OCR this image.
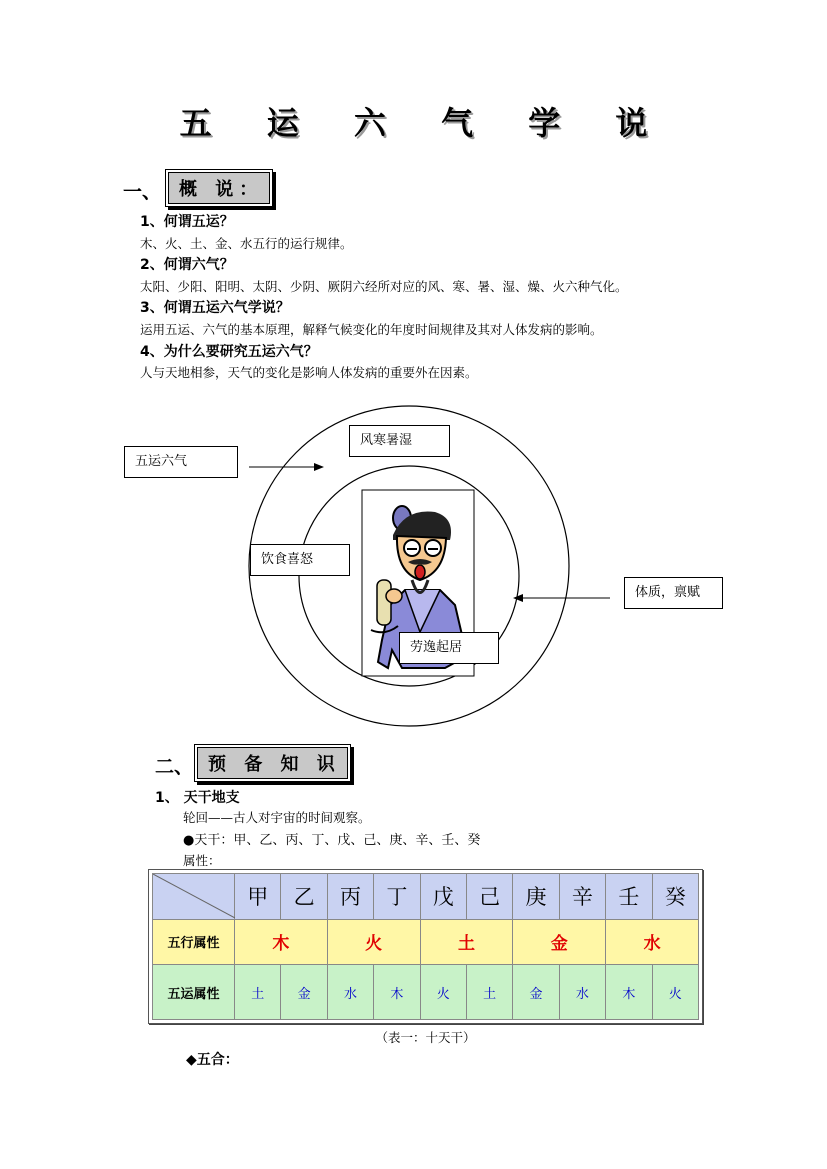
五 运 六 气 学 说
一、 概 说：
1、何谓五运？
木、火、土、金、水五行的运行规律。
2、何谓六气？
太阳、少阳、阳明、太阴、少阴、厥阴六经所对应的风、寒、暑、湿、燥、火六种气化。
3、何谓五运六气学说？
运用五运、六气的基本原理，解释气候变化的年度时间规律及其对人体发病的影响。
4、为什么要研究五运六气？
人与天地相参，天气的变化是影响人体发病的重要外在因素。
五运六气
风寒暑湿
饮食喜怒
体质，禀赋
劳逸起居
二、 预 备 知 识
1、 天干地支
轮回——古人对宇宙的时间观察。
●天干：甲、乙、丙、丁、戊、己、庚、辛、壬、癸
属性：
	甲	乙	丙	丁	戊	己	庚	辛	壬	癸
五行属性	木		火		土		金		水	
五运属性	土	金	水	木	火	土	金	水	木	火
（表一：十天干）
◆五合：
